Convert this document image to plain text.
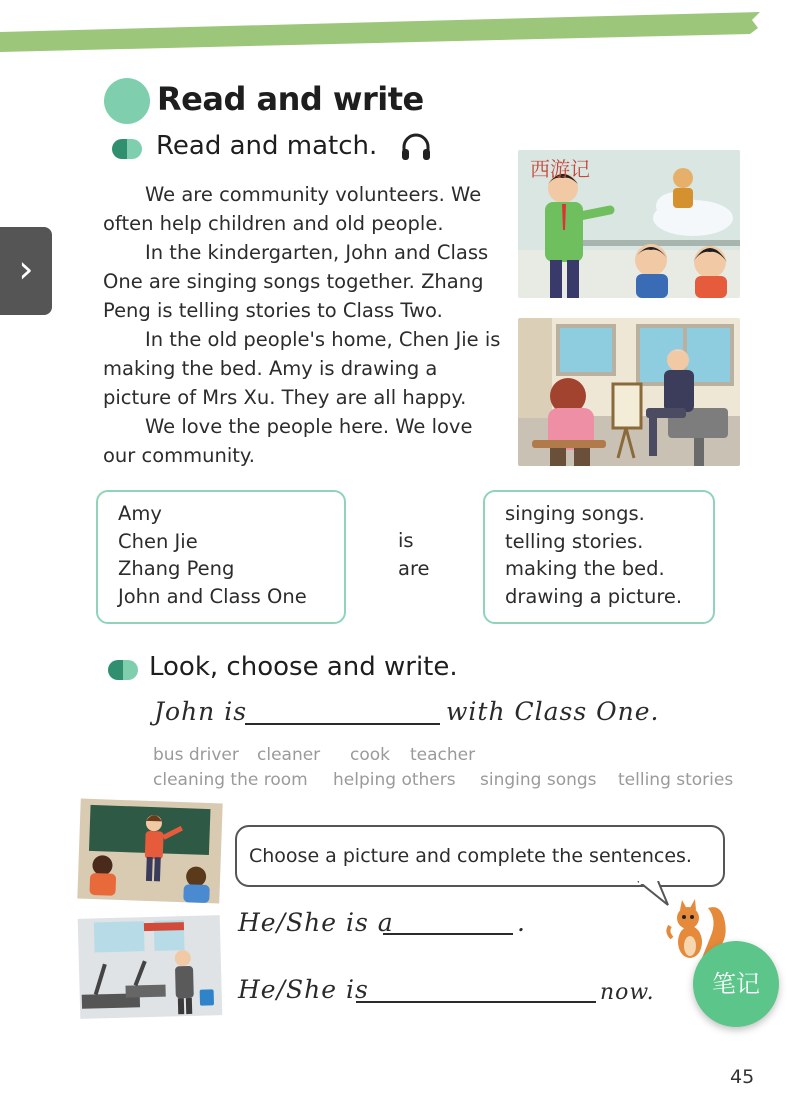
›
Read and write
Read and match.

We are community volunteers. We often help children and old people.

In the kindergarten, John and Class One are singing songs together. Zhang Peng is telling stories to Class Two.

In the old people's home, Chen Jie is making the bed. Amy is drawing a picture of Mrs Xu. They are all happy.

We love the people here. We love our community.

西游记
Amy
Chen Jie
Zhang Peng
John and Class One
is
are
singing songs.
telling stories.
making the bed.
drawing a picture.
Look, choose and write.
John is	with Class One.
bus driver cleaner cook teacher
cleaning the room helping others singing songs telling stories
Choose a picture and complete the sentences.
He/She is a	.
He/She is	now.	笔记
45
